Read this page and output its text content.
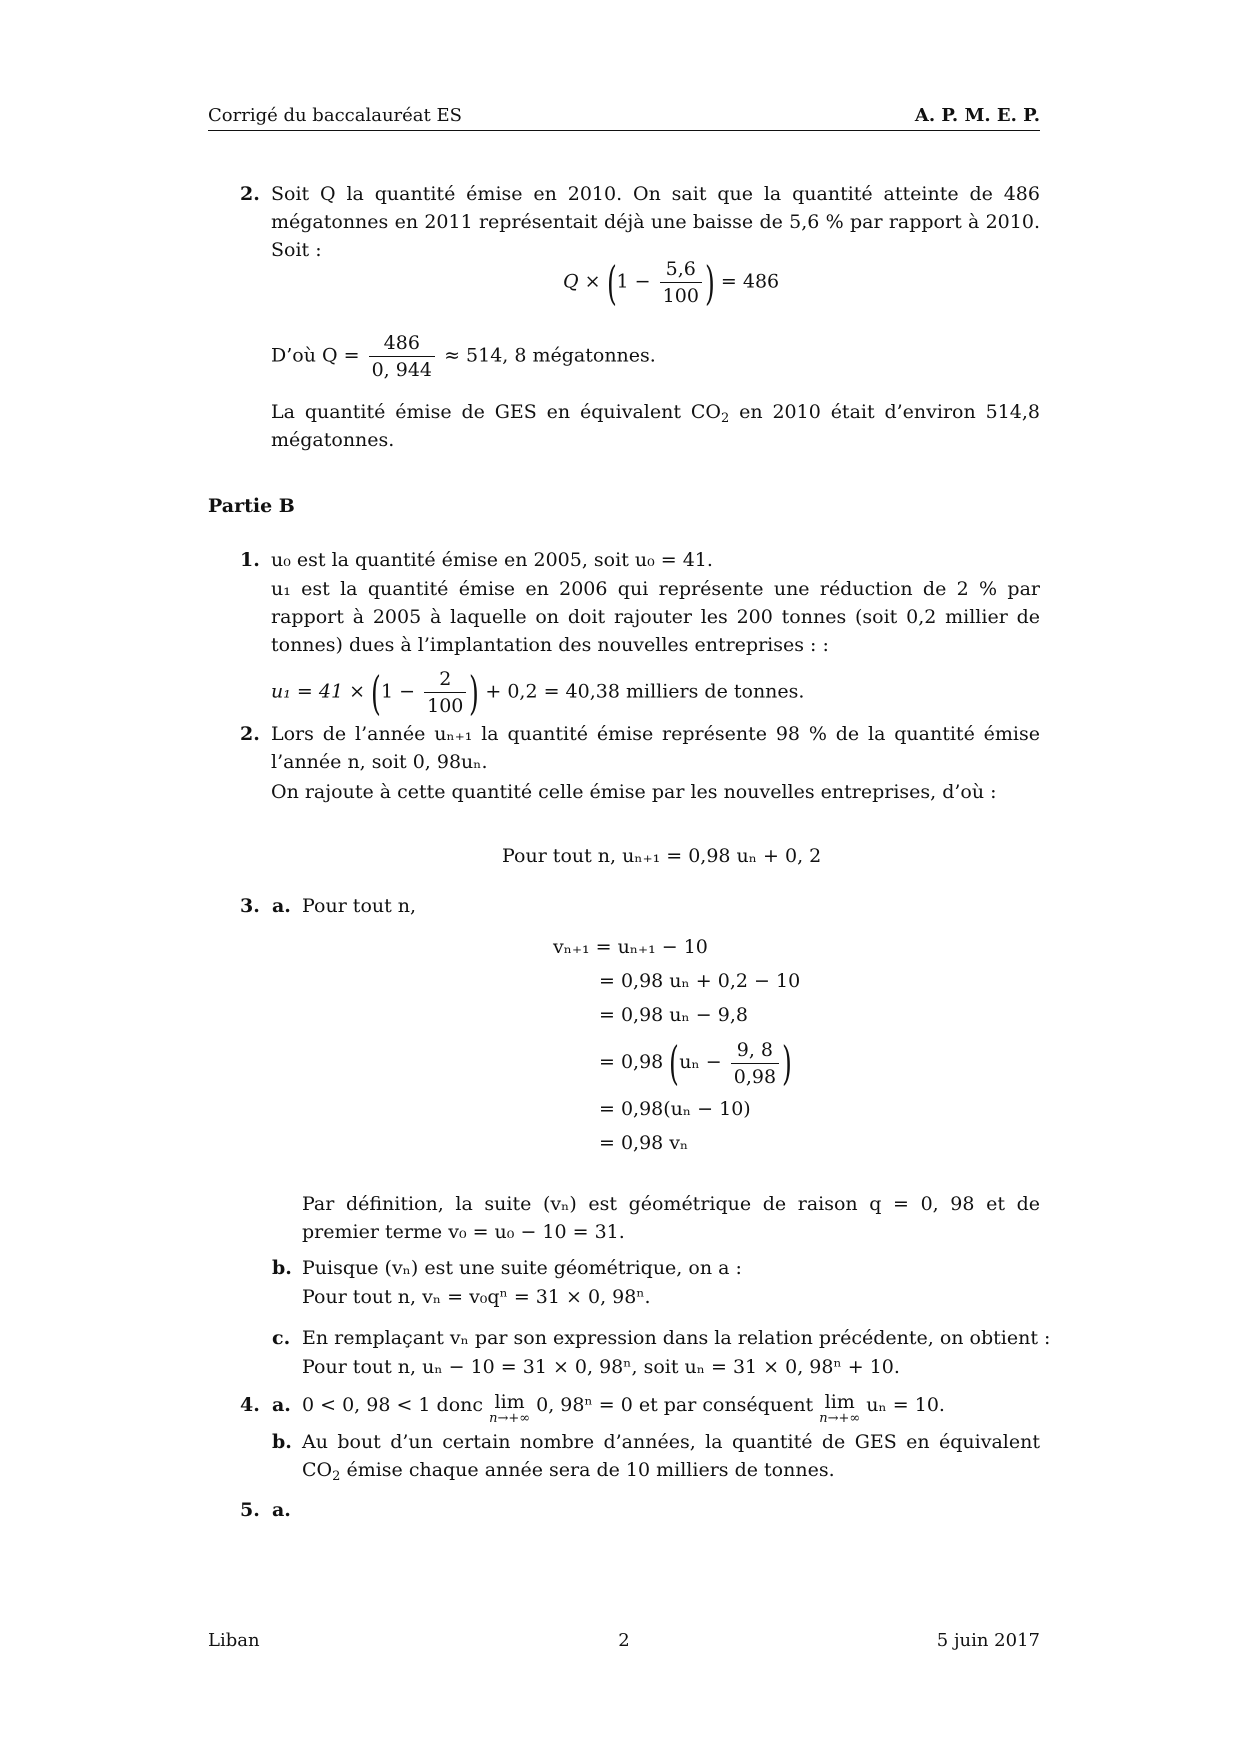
Corrigé du baccalauréat ES	A. P. M. E. P.
2. Soit Q la quantité émise en 2010. On sait que la quantité atteinte de 486 mégatonnes en 2011 représentait déjà une baisse de 5,6 % par rapport à 2010. Soit :
$Q \times (1 - \frac{5,6}{100}$ ) = 486
D’où $Q = \frac{486}{0, 944} \approx 514$, 8 mégatonnes.
La quantité émise de GES en équivalent $CO_2$ en 2010 était d’environ 514,8 mégatonnes.
Partie B
1. u₀ est la quantité émise en 2005, soit u₀ = 41.
u₁ est la quantité émise en 2006 qui représente une réduction de 2 % par rapport à 2005 à laquelle on doit rajouter les 200 tonnes (soit 0,2 millier de tonnes) dues à l’implantation des nouvelles entreprises : :
$u_1 = 41 \times (1 - \frac{2}{100}$ ) + 0,2 = 40,38 milliers de tonnes.
2. Lors de l’année uₙ₊₁ la quantité émise représente 98 % de la quantité émise l’année n, soit 0, 98uₙ.
On rajoute à cette quantité celle émise par les nouvelles entreprises, d’où :
Pour tout n, uₙ₊₁ = 0,98 uₙ + 0, 2
3. a. Pour tout n,
vₙ₊₁ = uₙ₊₁ − 10
= 0,98 uₙ + 0,2 − 10
= 0,98 uₙ − 9,8
= 0,98 ($u_n - \frac{9, 8}{0,98}$ )
= 0,98(uₙ − 10)
= 0,98 vₙ
Par définition, la suite (vₙ) est géométrique de raison q = 0, 98 et de premier terme v₀ = u₀ − 10 = 31.
b. Puisque (vₙ) est une suite géométrique, on a :
Pour tout n, vₙ = v₀qⁿ = 31 × 0, 98ⁿ.
c. En remplaçant vₙ par son expression dans la relation précédente, on obtient :
Pour tout n, uₙ − 10 = 31 × 0, 98ⁿ, soit uₙ = 31 × 0, 98ⁿ + 10.
4. a. 0 < 0, 98 < 1 donc lim
n→+∞
0, 98ⁿ = 0 et par conséquent lim
n→+∞
uₙ = 10.
b. Au bout d’un certain nombre d’années, la quantité de GES en équivalent $CO_2$ émise chaque année sera de 10 milliers de tonnes.
5. a.
Liban	2	5 juin 2017
